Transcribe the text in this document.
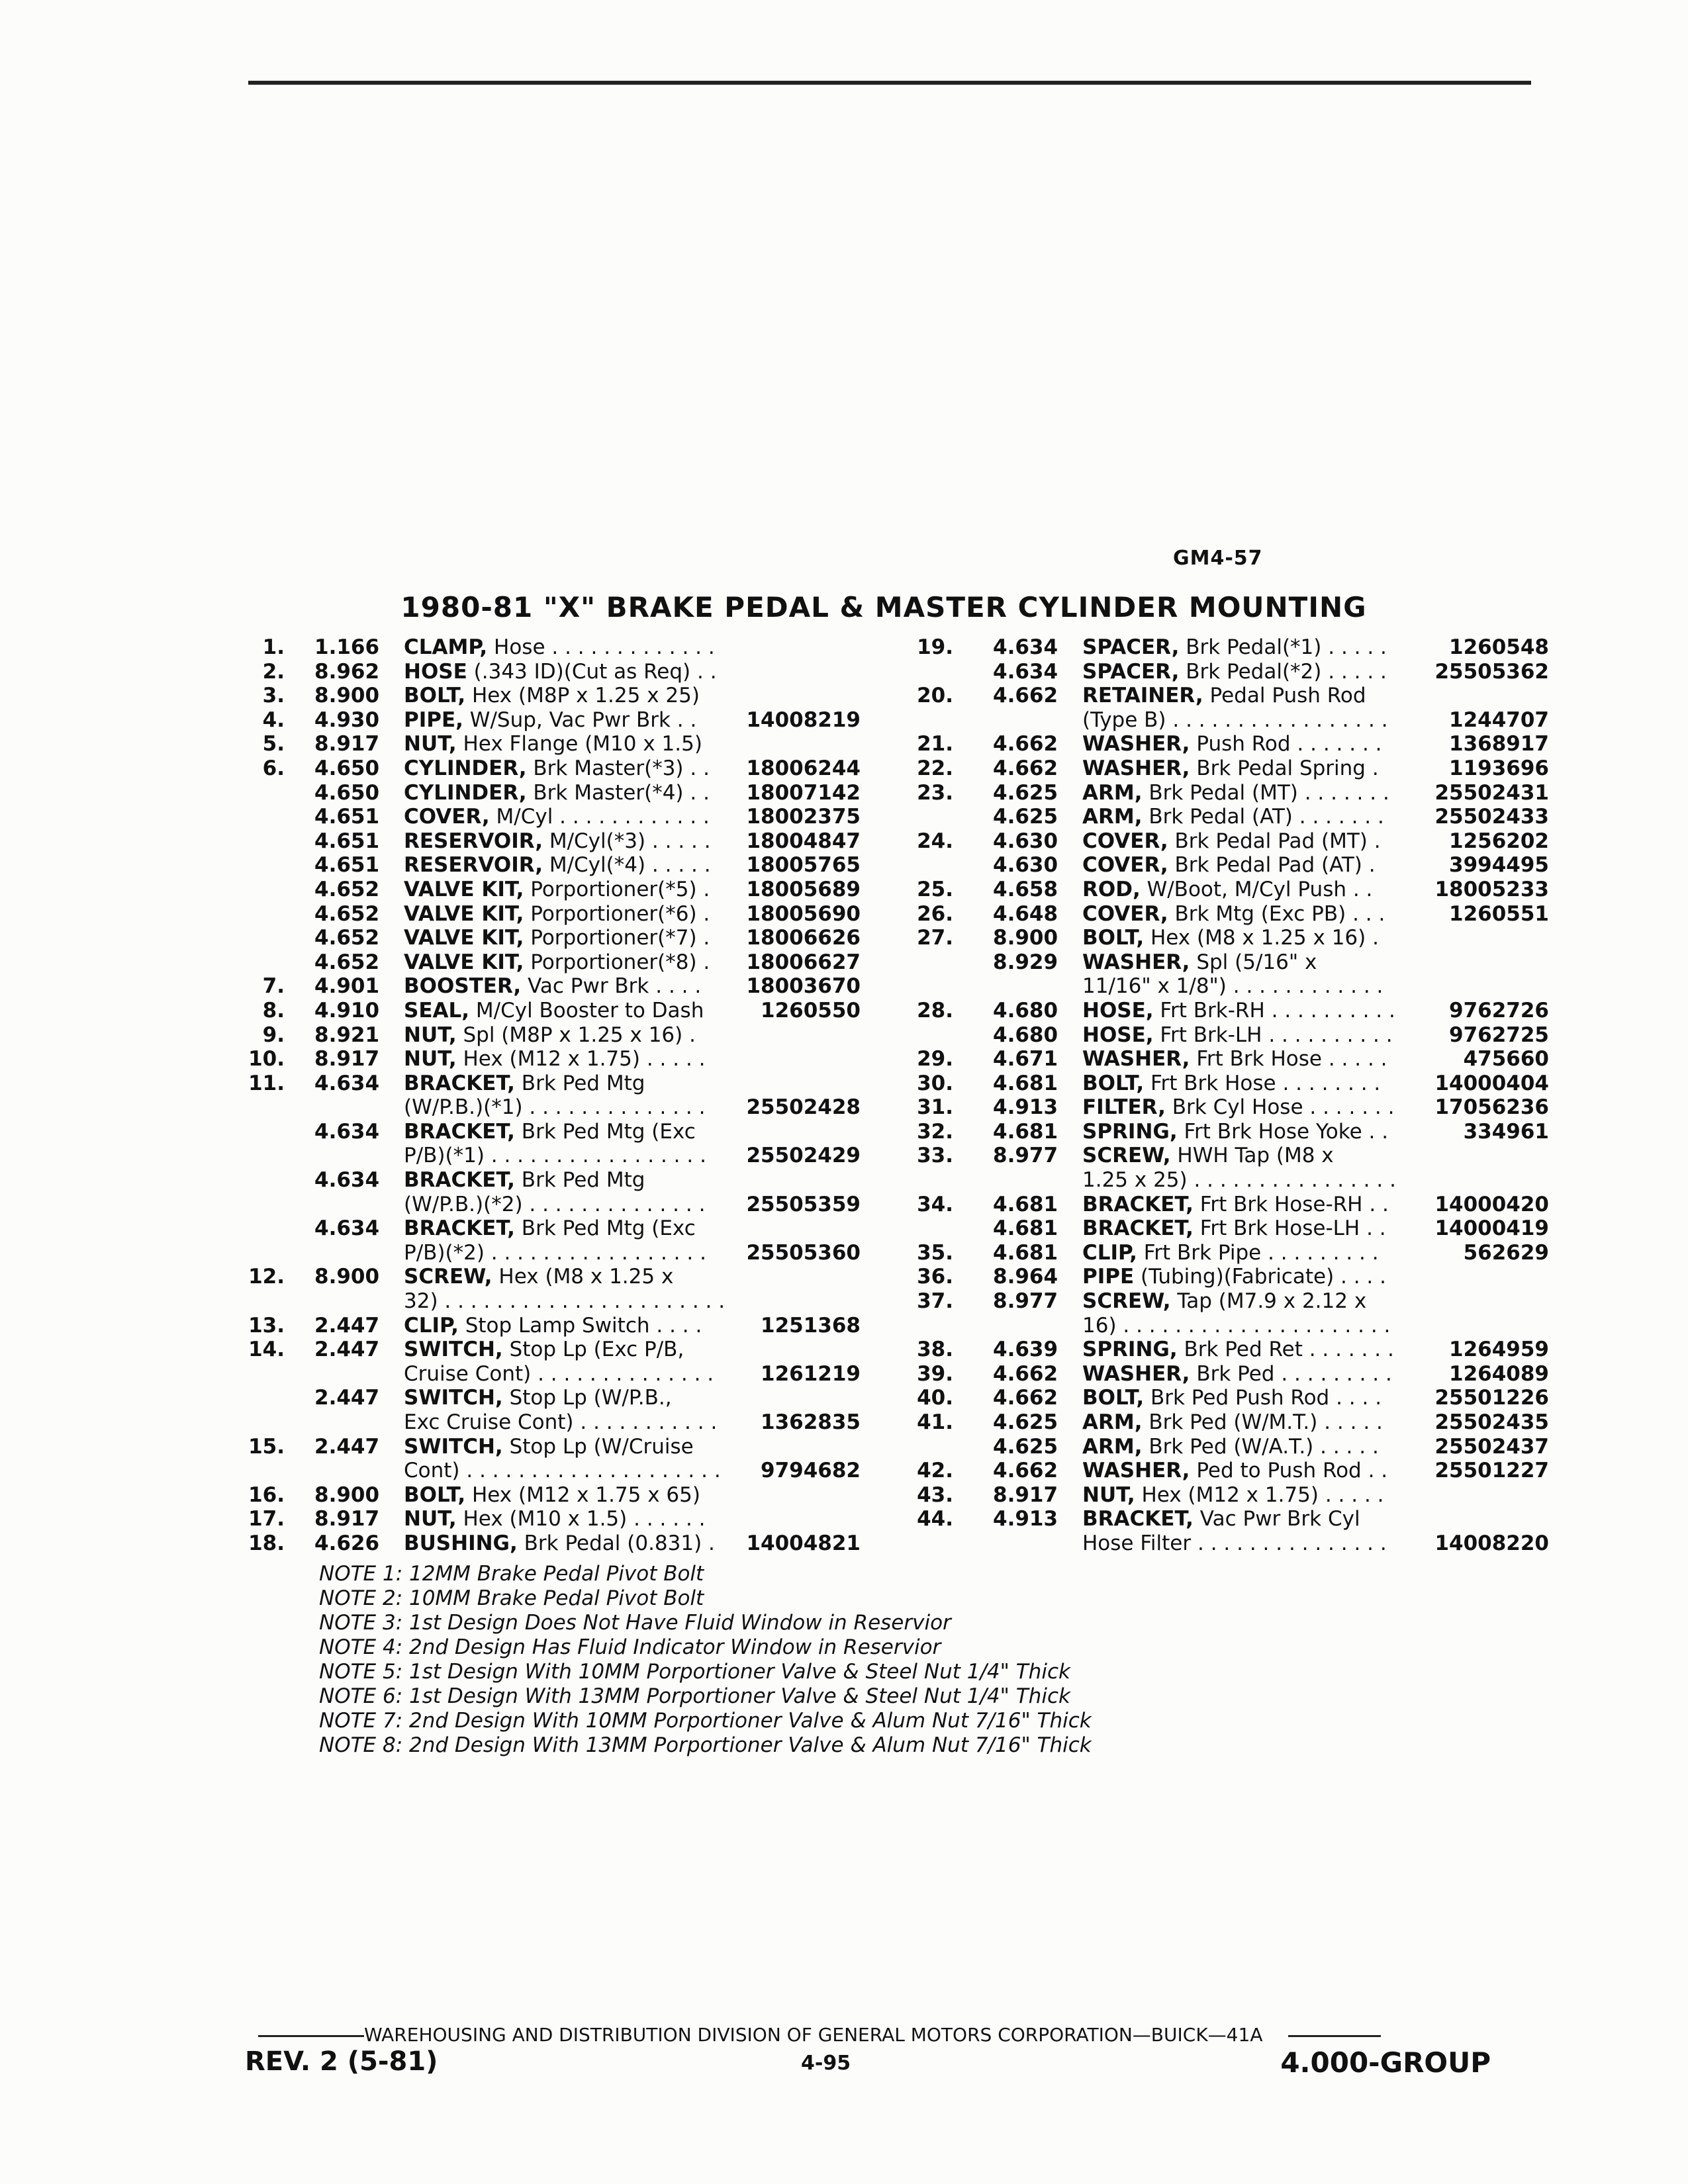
GM4-57
1980-81 "X" BRAKE PEDAL & MASTER CYLINDER MOUNTING
1. 1.166 CLAMP, Hose . . . . . . . . . . . . .
2. 8.962 HOSE (.343 ID)(Cut as Req) . .
3. 8.900 BOLT, Hex (M8P x 1.25 x 25)
4. 4.930 PIPE, W/Sup, Vac Pwr Brk . . 14008219
5. 8.917 NUT, Hex Flange (M10 x 1.5)
6. 4.650 CYLINDER, Brk Master(*3) . . 18006244
4.650 CYLINDER, Brk Master(*4) . . 18007142
4.651 COVER, M/Cyl . . . . . . . . . . . . 18002375
4.651 RESERVOIR, M/Cyl(*3) . . . . . 18004847
4.651 RESERVOIR, M/Cyl(*4) . . . . . 18005765
4.652 VALVE KIT, Porportioner(*5) . 18005689
4.652 VALVE KIT, Porportioner(*6) . 18005690
4.652 VALVE KIT, Porportioner(*7) . 18006626
4.652 VALVE KIT, Porportioner(*8) . 18006627
7. 4.901 BOOSTER, Vac Pwr Brk . . . . 18003670
8. 4.910 SEAL, M/Cyl Booster to Dash	1260550
9. 8.921 NUT, Spl (M8P x 1.25 x 16) .
10. 8.917 NUT, Hex (M12 x 1.75) . . . . .
11. 4.634 BRACKET, Brk Ped Mtg
(W/P.B.)(*1) . . . . . . . . . . . . . . 25502428
4.634 BRACKET, Brk Ped Mtg (Exc
P/B)(*1) . . . . . . . . . . . . . . . . . 25502429
4.634 BRACKET, Brk Ped Mtg
(W/P.B.)(*2) . . . . . . . . . . . . . . 25505359
4.634 BRACKET, Brk Ped Mtg (Exc
P/B)(*2) . . . . . . . . . . . . . . . . . 25505360
12. 8.900 SCREW, Hex (M8 x 1.25 x
32) . . . . . . . . . . . . . . . . . . . . . .
13. 2.447 CLIP, Stop Lamp Switch . . . .	1251368
14. 2.447 SWITCH, Stop Lp (Exc P/B,
Cruise Cont) . . . . . . . . . . . . . . 1261219
2.447 SWITCH, Stop Lp (W/P.B.,
Exc Cruise Cont) . . . . . . . . . . . 1362835
15. 2.447 SWITCH, Stop Lp (W/Cruise
Cont) . . . . . . . . . . . . . . . . . . . . 9794682
16. 8.900 BOLT, Hex (M12 x 1.75 x 65)
17. 8.917 NUT, Hex (M10 x 1.5) . . . . . .
18. 4.626 BUSHING, Brk Pedal (0.831) . 14004821
19. 4.634 SPACER, Brk Pedal(*1) . . . . .	1260548
4.634 SPACER, Brk Pedal(*2) . . . . . 25505362
20. 4.662 RETAINER, Pedal Push Rod
(Type B) . . . . . . . . . . . . . . . . .	1244707
21. 4.662 WASHER, Push Rod . . . . . . .	1368917
22. 4.662 WASHER, Brk Pedal Spring .	1193696
23. 4.625 ARM, Brk Pedal (MT) . . . . . . . 25502431
4.625 ARM, Brk Pedal (AT) . . . . . . . 25502433
24. 4.630 COVER, Brk Pedal Pad (MT) .	1256202
4.630 COVER, Brk Pedal Pad (AT) .	3994495
25. 4.658 ROD, W/Boot, M/Cyl Push . .	18005233
26. 4.648 COVER, Brk Mtg (Exc PB) . . .	1260551
27. 8.900 BOLT, Hex (M8 x 1.25 x 16) .
8.929 WASHER, Spl (5/16" x
11/16" x 1/8") . . . . . . . . . . . .
28. 4.680 HOSE, Frt Brk-RH . . . . . . . . . .	9762726
4.680 HOSE, Frt Brk-LH . . . . . . . . . .	9762725
29. 4.671 WASHER, Frt Brk Hose . . . . .	475660
30. 4.681 BOLT, Frt Brk Hose . . . . . . . .	14000404
31. 4.913 FILTER, Brk Cyl Hose . . . . . . . 17056236
32. 4.681 SPRING, Frt Brk Hose Yoke . .	334961
33. 8.977 SCREW, HWH Tap (M8 x
1.25 x 25) . . . . . . . . . . . . . . . .
34. 4.681 BRACKET, Frt Brk Hose-RH . . 14000420
4.681 BRACKET, Frt Brk Hose-LH . . 14000419
35. 4.681 CLIP, Frt Brk Pipe . . . . . . . . .	562629
36. 8.964 PIPE (Tubing)(Fabricate) . . . .
37. 8.977 SCREW, Tap (M7.9 x 2.12 x
16) . . . . . . . . . . . . . . . . . . . . .
38. 4.639 SPRING, Brk Ped Ret . . . . . . .	1264959
39. 4.662 WASHER, Brk Ped . . . . . . . . .	1264089
40. 4.662 BOLT, Brk Ped Push Rod . . . .	25501226
41. 4.625 ARM, Brk Ped (W/M.T.) . . . . .	25502435
4.625 ARM, Brk Ped (W/A.T.) . . . . .	25502437
42. 4.662 WASHER, Ped to Push Rod . . 25501227
43. 8.917 NUT, Hex (M12 x 1.75) . . . . .
44. 4.913 BRACKET, Vac Pwr Brk Cyl
Hose Filter . . . . . . . . . . . . . . . 14008220
NOTE 1: 12MM Brake Pedal Pivot Bolt
NOTE 2: 10MM Brake Pedal Pivot Bolt
NOTE 3: 1st Design Does Not Have Fluid Window in Reservior
NOTE 4: 2nd Design Has Fluid Indicator Window in Reservior
NOTE 5: 1st Design With 10MM Porportioner Valve & Steel Nut 1/4" Thick
NOTE 6: 1st Design With 13MM Porportioner Valve & Steel Nut 1/4" Thick
NOTE 7: 2nd Design With 10MM Porportioner Valve & Alum Nut 7/16" Thick
NOTE 8: 2nd Design With 13MM Porportioner Valve & Alum Nut 7/16" Thick
WAREHOUSING AND DISTRIBUTION DIVISION OF GENERAL MOTORS CORPORATION—BUICK—41A
REV. 2 (5-81)	4-95	4.000-GROUP
